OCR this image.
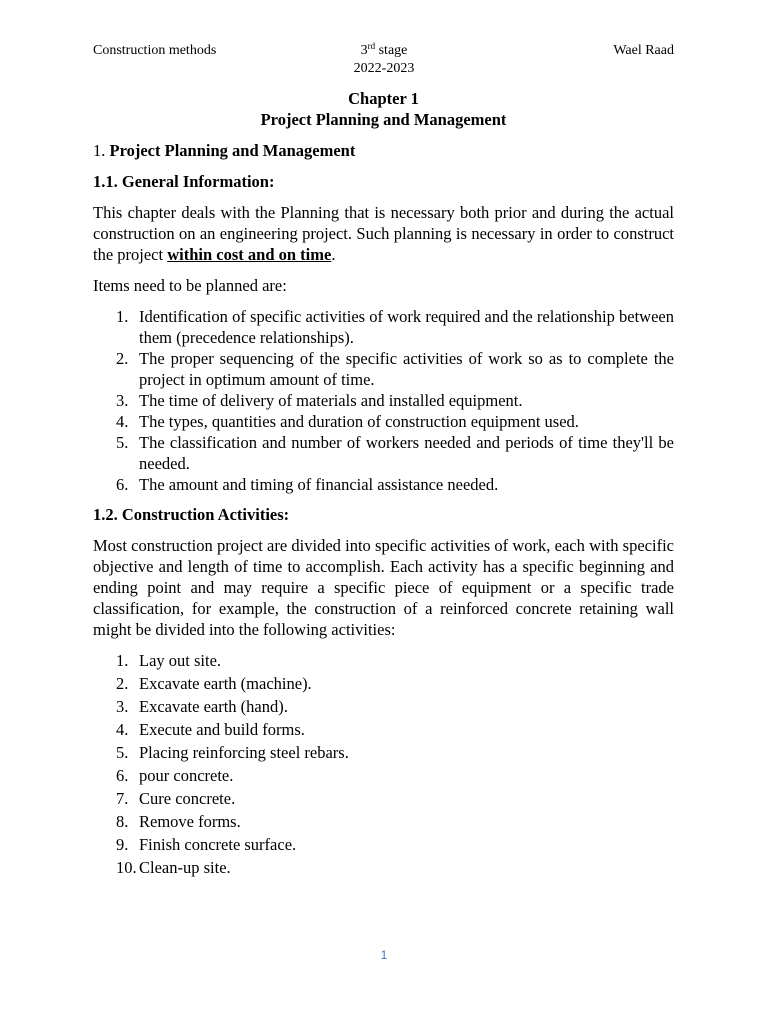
Construction methods	3rd stage
2022-2023
Wael Raad
Chapter 1
Project Planning and Management
1. Project Planning and Management
1.1. General Information:

This chapter deals with the Planning that is necessary both prior and during the actual construction on an engineering project. Such planning is necessary in order to construct the project within cost and on time.

Items need to be planned are:

1. Identification of specific activities of work required and the relationship between them (precedence relationships).
2. The proper sequencing of the specific activities of work so as to complete the project in optimum amount of time.
3. The time of delivery of materials and installed equipment.
4. The types, quantities and duration of construction equipment used.
5. The classification and number of workers needed and periods of time they'll be needed.
6. The amount and timing of financial assistance needed.
1.2. Construction Activities:

Most construction project are divided into specific activities of work, each with specific objective and length of time to accomplish. Each activity has a specific beginning and ending point and may require a specific piece of equipment or a specific trade classification, for example, the construction of a reinforced concrete retaining wall might be divided into the following activities:

1. Lay out site.
2. Excavate earth (machine).
3. Excavate earth (hand).
4. Execute and build forms.
5. Placing reinforcing steel rebars.
6. pour concrete.
7. Cure concrete.
8. Remove forms.
9. Finish concrete surface.
10. Clean-up site.
1
